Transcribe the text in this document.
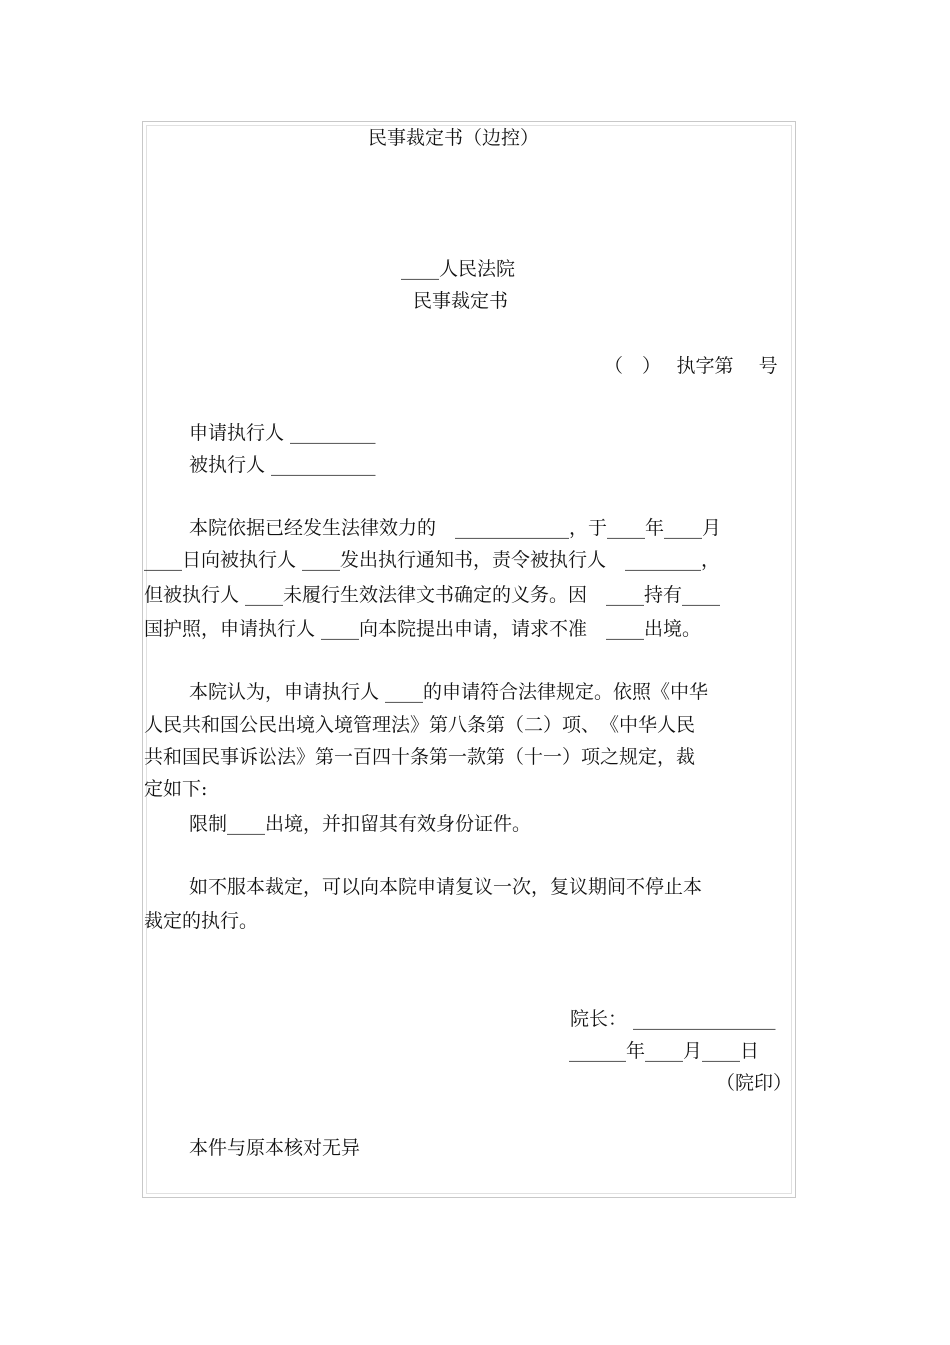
民事裁定书（边控）
____人民法院
民事裁定书
（　）　 执字第　 号
申请执行人 _________
被执行人 ___________
本院依据已经发生法律效力的　____________，于____年____月
____日向被执行人 ____发出执行通知书，责令被执行人　________，
但被执行人 ____未履行生效法律文书确定的义务。因　____持有____
国护照，申请执行人 ____向本院提出申请，请求不准　____出境。
本院认为，申请执行人 ____的申请符合法律规定。依照《中华
人民共和国公民出境入境管理法》第八条第（二）项、　《中华人民
共和国民事诉讼法》第一百四十条第一款第（十一）项之规定，裁
定如下:
限制____出境，并扣留其有效身份证件。
如不服本裁定，可以向本院申请复议一次，复议期间不停止本
裁定的执行。
院长： _______________
______年____月____日
（院印）
本件与原本核对无异
